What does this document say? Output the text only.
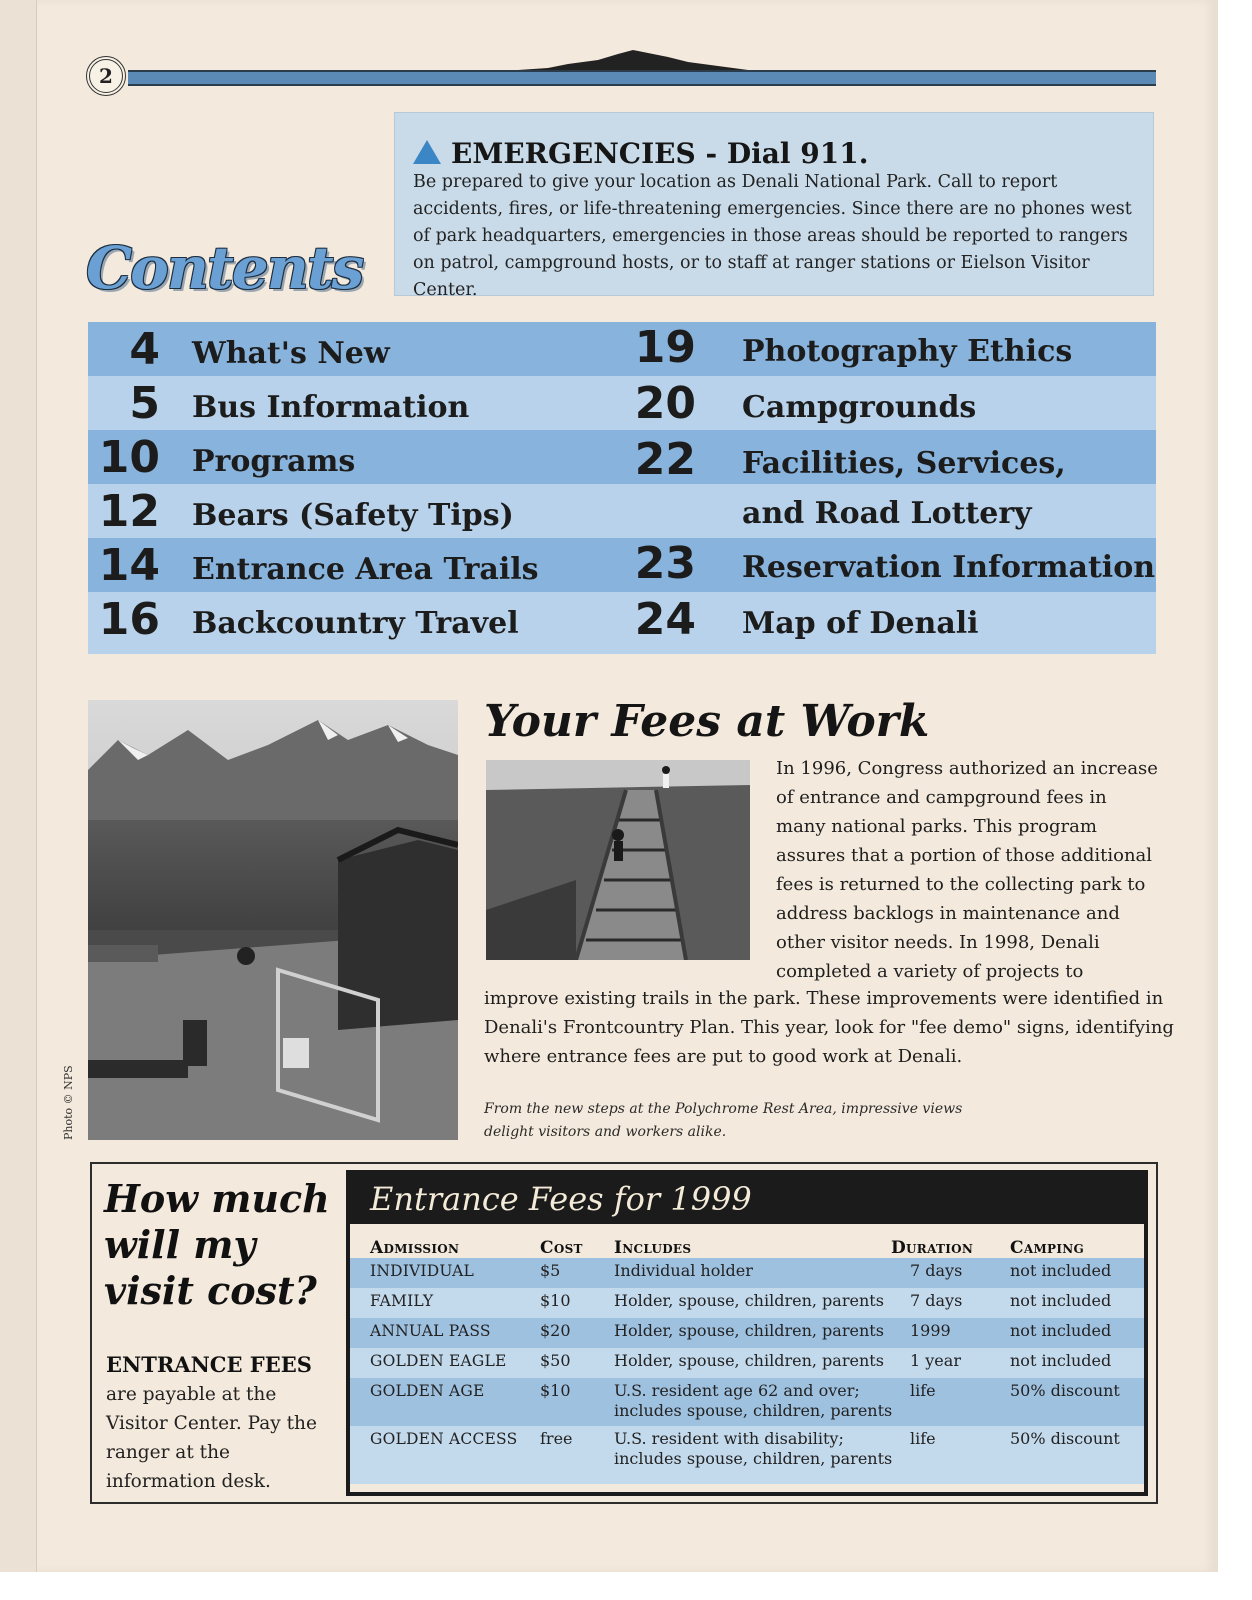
2
EMERGENCIES - Dial 911.
Be prepared to give your location as Denali National Park. Call to report accidents, fires, or life-threatening emergencies. Since there are no phones west of park headquarters, emergencies in those areas should be reported to rangers on patrol, campground hosts, or to staff at ranger stations or Eielson Visitor Center.
Contents
4 What's New
5 Bus Information
10 Programs
12 Bears (Safety Tips)
14 Entrance Area Trails
16 Backcountry Travel
19 Photography Ethics
20 Campgrounds
22 Facilities, Services,
and Road Lottery
23 Reservation Information
24 Map of Denali
Photo © NPS
Your Fees at Work
In 1996, Congress authorized an increase of entrance and campground fees in many national parks. This program assures that a portion of those additional fees is returned to the collecting park to address backlogs in maintenance and other visitor needs. In 1998, Denali completed a variety of projects to
improve existing trails in the park. These improvements were identified in Denali's Frontcountry Plan. This year, look for "fee demo" signs, identifying where entrance fees are put to good work at Denali.
From the new steps at the Polychrome Rest Area, impressive views delight visitors and workers alike.
How much will my visit cost?
ENTRANCE FEES
are payable at the Visitor Center. Pay the ranger at the information desk.
Entrance Fees for 1999
Admission	Cost Includes	Duration Camping
INDIVIDUAL	$5	Individual holder	7 days	not included
FAMILY	$10	Holder, spouse, children, parents 7 days	not included
ANNUAL PASS	$20	Holder, spouse, children, parents 1999	not included
GOLDEN EAGLE $50	Holder, spouse, children, parents 1 year	not included
GOLDEN AGE	$10	U.S. resident age 62 and over;	life	50% discount
includes spouse, children, parents
GOLDEN ACCESS free	U.S. resident with disability;	life	50% discount
includes spouse, children, parents
